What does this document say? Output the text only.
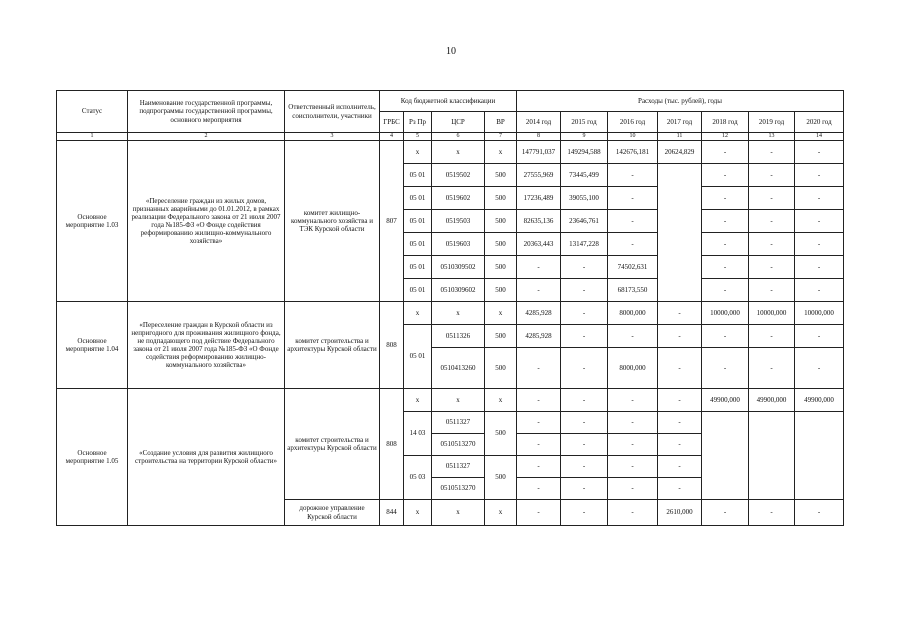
10
Статус	Наименование государственной программы, подпрограммы государственной программы, основного мероприятия	Ответственный исполнитель, соисполнители, участники	Код бюджетной классификации				Расходы (тыс. рублей), годы						
			ГРБС	Рз Пр	ЦСР	ВР	2014 год	2015 год	2016 год	2017 год	2018 год	2019 год	2020 год
1	2	3	4	5	6	7	8	9	10	11	12	13	14
Основное мероприятие 1.03	«Переселение граждан из жилых домов, признанных аварийными до 01.01.2012, в рамках реализации Федерального закона от 21 июля 2007 года №185-ФЗ «О Фонде содействия реформированию жилищно-коммунального хозяйства»	комитет жилищно-коммунального хозяйства и ТЭК Курской области	807	х	х	х	147791,037	149294,588	142676,181	20624,829	-	-	-
				05 01	0519502	500	27555,969	73445,499	-		-	-	-
				05 01	0519602	500	17236,489	39055,100	-		-	-	-
				05 01	0519503	500	82635,136	23646,761	-		-	-	-
				05 01	0519603	500	20363,443	13147,228	-		-	-	-
				05 01	0510309502	500	-	-	74502,631		-	-	-
				05 01	0510309602	500	-	-	68173,550		-	-	-
Основное мероприятие 1.04	«Переселение граждан в Курской области из непригодного для проживания жилищного фонда, не подпадающего под действие Федерального закона от 21 июля 2007 года №185-ФЗ «О Фонде содействия реформированию жилищно-коммунального хозяйства»	комитет строительства и архитектуры Курской области	808	х	х	х	4285,928	-	8000,000	-	10000,000	10000,000	10000,000
				05 01	0511326	500	4285,928	-	-	-	-	-	-
					0510413260	500	-	-	8000,000	-	-	-	-
Основное мероприятие 1.05	«Создание условия для развития жилищного строительства на территории Курской области»	комитет строительства и архитектуры Курской области	808	х	х	х	-	-	-	-	49900,000	49900,000	49900,000
				14 03	0511327	500	-	-	-	-			
					0510513270		-	-	-	-			
				05 03	0511327	500	-	-	-	-			
					0510513270		-	-	-	-			
		дорожное управление Курской области	844	х	х	х	-	-	-	2610,000	-	-	-
